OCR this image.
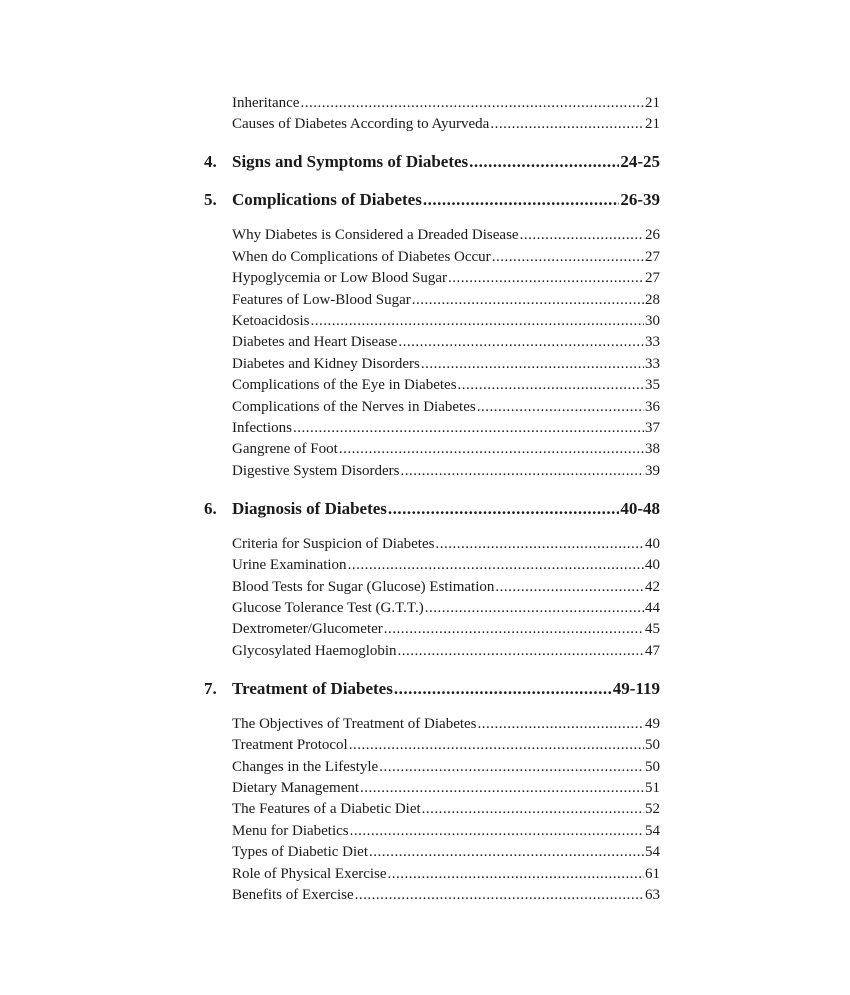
Inheritance .....	21
Causes of Diabetes According to Ayurveda .....	21
4. Signs and Symptoms of Diabetes .....	24-25
5. Complications of Diabetes .....	26-39
Why Diabetes is Considered a Dreaded Disease .....	26
When do Complications of Diabetes Occur .....	27
Hypoglycemia or Low Blood Sugar .....	27
Features of Low-Blood Sugar .....	28
Ketoacidosis .....	30
Diabetes and Heart Disease .....	33
Diabetes and Kidney Disorders .....	33
Complications of the Eye in Diabetes .....	35
Complications of the Nerves in Diabetes .....	36
Infections .....	37
Gangrene of Foot .....	38
Digestive System Disorders .....	39
6. Diagnosis of Diabetes .....	40-48
Criteria for Suspicion of Diabetes .....	40
Urine Examination .....	40
Blood Tests for Sugar (Glucose) Estimation .....	42
Glucose Tolerance Test (G.T.T.) .....	44
Dextrometer/Glucometer .....	45
Glycosylated Haemoglobin .....	47
7. Treatment of Diabetes .....	49-119
The Objectives of Treatment of Diabetes .....	49
Treatment Protocol .....	50
Changes in the Lifestyle .....	50
Dietary Management .....	51
The Features of a Diabetic Diet .....	52
Menu for Diabetics .....	54
Types of Diabetic Diet .....	54
Role of Physical Exercise .....	61
Benefits of Exercise .....	63
